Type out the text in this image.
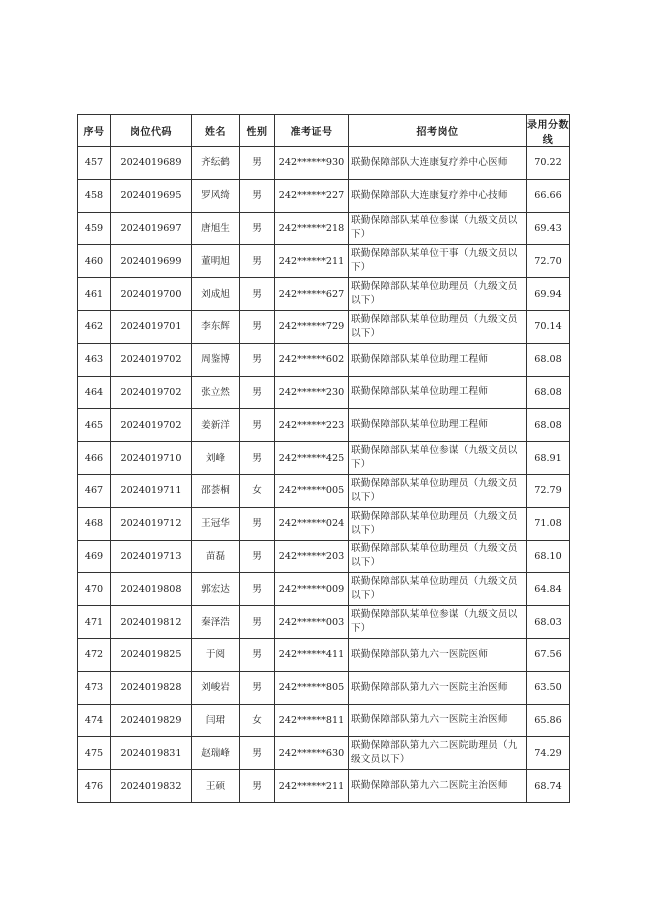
序号	岗位代码	姓名	性别	准考证号	招考岗位	录用分数线
457	2024019689	齐纭鹤	男	242******930	联勤保障部队大连康复疗养中心医师	70.22
458	2024019695	罗风绮	男	242******227	联勤保障部队大连康复疗养中心技师	66.66
459	2024019697	唐旭生	男	242******218	联勤保障部队某单位参谋（九级文员以下）	69.43
460	2024019699	董明旭	男	242******211	联勤保障部队某单位干事（九级文员以下）	72.70
461	2024019700	刘成旭	男	242******627	联勤保障部队某单位助理员（九级文员以下）	69.94
462	2024019701	李东辉	男	242******729	联勤保障部队某单位助理员（九级文员以下）	70.14
463	2024019702	周鉴博	男	242******602	联勤保障部队某单位助理工程师	68.08
464	2024019702	张立然	男	242******230	联勤保障部队某单位助理工程师	68.08
465	2024019702	姜新洋	男	242******223	联勤保障部队某单位助理工程师	68.08
466	2024019710	刘峰	男	242******425	联勤保障部队某单位参谋（九级文员以下）	68.91
467	2024019711	邵荟桐	女	242******005	联勤保障部队某单位助理员（九级文员以下）	72.79
468	2024019712	王冠华	男	242******024	联勤保障部队某单位助理员（九级文员以下）	71.08
469	2024019713	苗磊	男	242******203	联勤保障部队某单位助理员（九级文员以下）	68.10
470	2024019808	郭宏达	男	242******009	联勤保障部队某单位助理员（九级文员以下）	64.84
471	2024019812	秦泽浩	男	242******003	联勤保障部队某单位参谋（九级文员以下）	68.03
472	2024019825	于阅	男	242******411	联勤保障部队第九六一医院医师	67.56
473	2024019828	刘峻岩	男	242******805	联勤保障部队第九六一医院主治医师	63.50
474	2024019829	闫珺	女	242******811	联勤保障部队第九六一医院主治医师	65.86
475	2024019831	赵瑞峰	男	242******630	联勤保障部队第九六二医院助理员（九级文员以下）	74.29
476	2024019832	王硕	男	242******211	联勤保障部队第九六二医院主治医师	68.74
